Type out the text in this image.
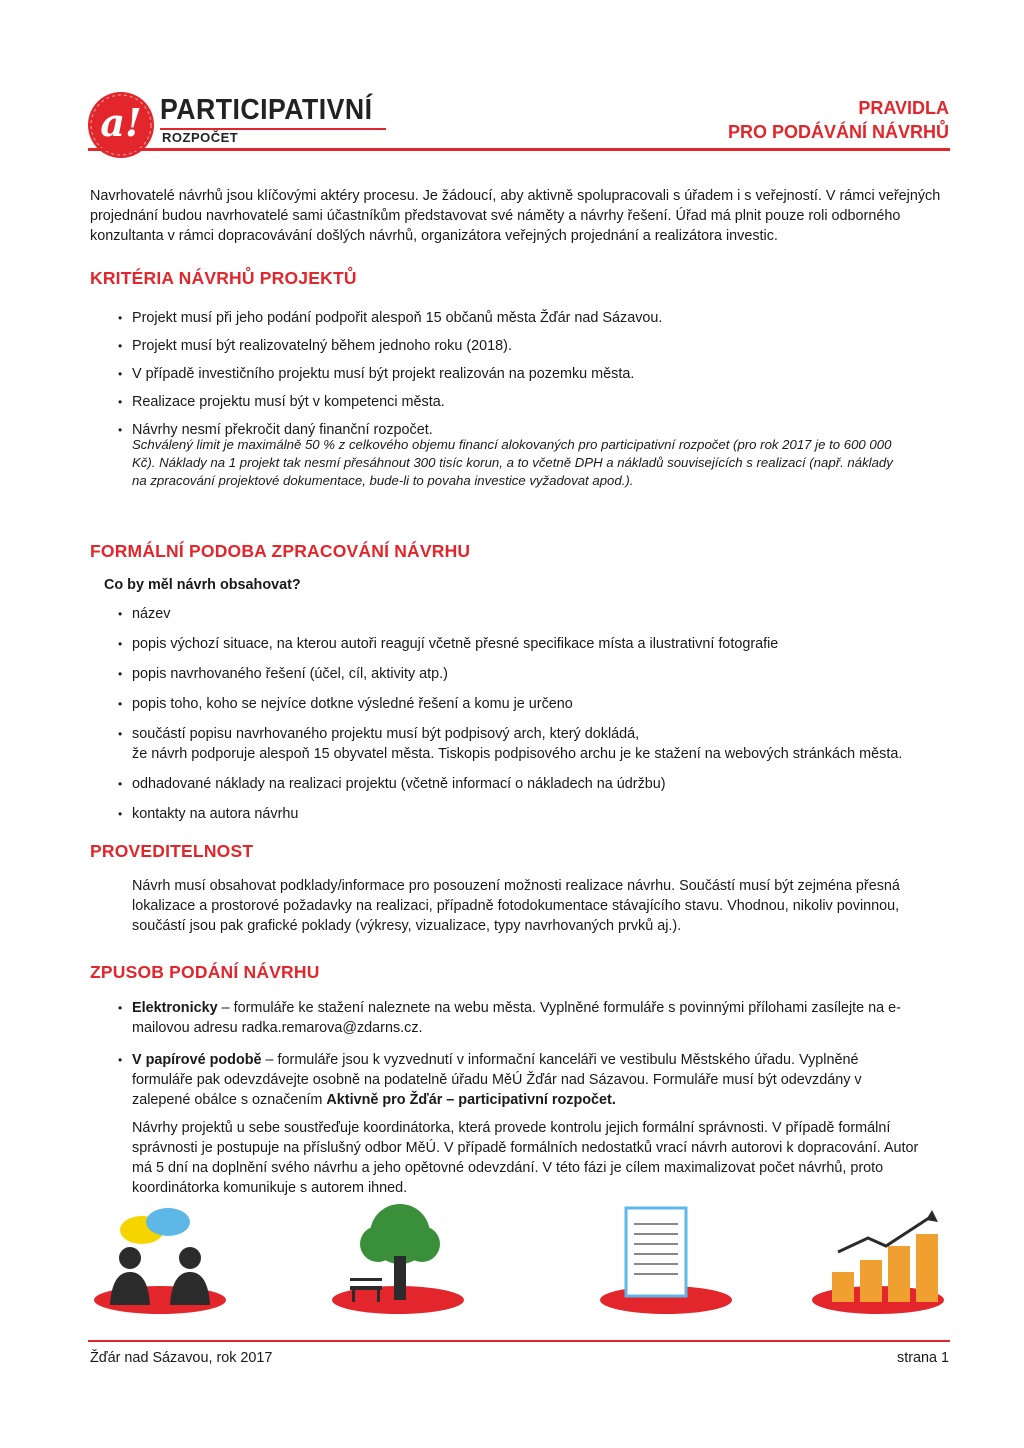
a! PARTICIPATIVNÍ
ROZPOČET
PRAVIDLA
PRO PODÁVÁNÍ NÁVRHŮ

Navrhovatelé návrhů jsou klíčovými aktéry procesu. Je žádoucí, aby aktivně spolupracovali s úřadem i s veřejností. V rámci veřejných projednání budou navrhovatelé sami účastníkům představovat své náměty a návrhy řešení. Úřad má plnit pouze roli odborného konzultanta v rámci dopracovávání došlých návrhů, organizátora veřejných projednání a realizátora investic.

KRITÉRIA NÁVRHŮ PROJEKTŮ
• Projekt musí při jeho podání podpořit alespoň 15 občanů města Žďár nad Sázavou.
• Projekt musí být realizovatelný během jednoho roku (2018).
• V případě investičního projektu musí být projekt realizován na pozemku města.
• Realizace projektu musí být v kompetenci města.
• Návrhy nesmí překročit daný finanční rozpočet.

Schválený limit je maximálně 50 % z celkového objemu financí alokovaných pro participativní rozpočet (pro rok 2017 je to 600 000 Kč). Náklady na 1 projekt tak nesmí přesáhnout 300 tisíc korun, a to včetně DPH a nákladů souvisejících s realizací (např. náklady na zpracování projektové dokumentace, bude-li to povaha investice vyžadovat apod.).

FORMÁLNÍ PODOBA ZPRACOVÁNÍ NÁVRHU
Co by měl návrh obsahovat?
• název
• popis výchozí situace, na kterou autoři reagují včetně přesné specifikace místa a ilustrativní fotografie
• popis navrhovaného řešení (účel, cíl, aktivity atp.)
• popis toho, koho se nejvíce dotkne výsledné řešení a komu je určeno
• součástí popisu navrhovaného projektu musí být podpisový arch, který dokládá,
že návrh podporuje alespoň 15 obyvatel města. Tiskopis podpisového archu je ke stažení na webových stránkách města.
• odhadované náklady na realizaci projektu (včetně informací o nákladech na údržbu)
• kontakty na autora návrhu
PROVEDITELNOST

Návrh musí obsahovat podklady/informace pro posouzení možnosti realizace návrhu. Součástí musí být zejména přesná lokalizace a prostorové požadavky na realizaci, případně fotodokumentace stávajícího stavu. Vhodnou, nikoliv povinnou, součástí jsou pak grafické poklady (výkresy, vizualizace, typy navrhovaných prvků aj.).

ZPUSOB PODÁNÍ NÁVRHU
• Elektronicky – formuláře ke stažení naleznete na webu města. Vyplněné formuláře s povinnými přílohami zasílejte na e-mailovou adresu radka.remarova@zdarns.cz.
• V papírové podobě – formuláře jsou k vyzvednutí v informační kanceláři ve vestibulu Městského úřadu. Vyplněné formuláře pak odevzdávejte osobně na podatelně úřadu MěÚ Žďár nad Sázavou. Formuláře musí být odevzdány v zalepené obálce s označením Aktivně pro Žďár – participativní rozpočet.

Návrhy projektů u sebe soustřeďuje koordinátorka, která provede kontrolu jejich formální správnosti. V případě formální správnosti je postupuje na příslušný odbor MěÚ. V případě formálních nedostatků vrací návrh autorovi k dopracování. Autor má 5 dní na doplnění svého návrhu a jeho opětovné odevzdání. V této fázi je cílem maximalizovat počet návrhů, proto koordinátorka komunikuje s autorem ihned.

Žďár nad Sázavou, rok 2017	strana 1
